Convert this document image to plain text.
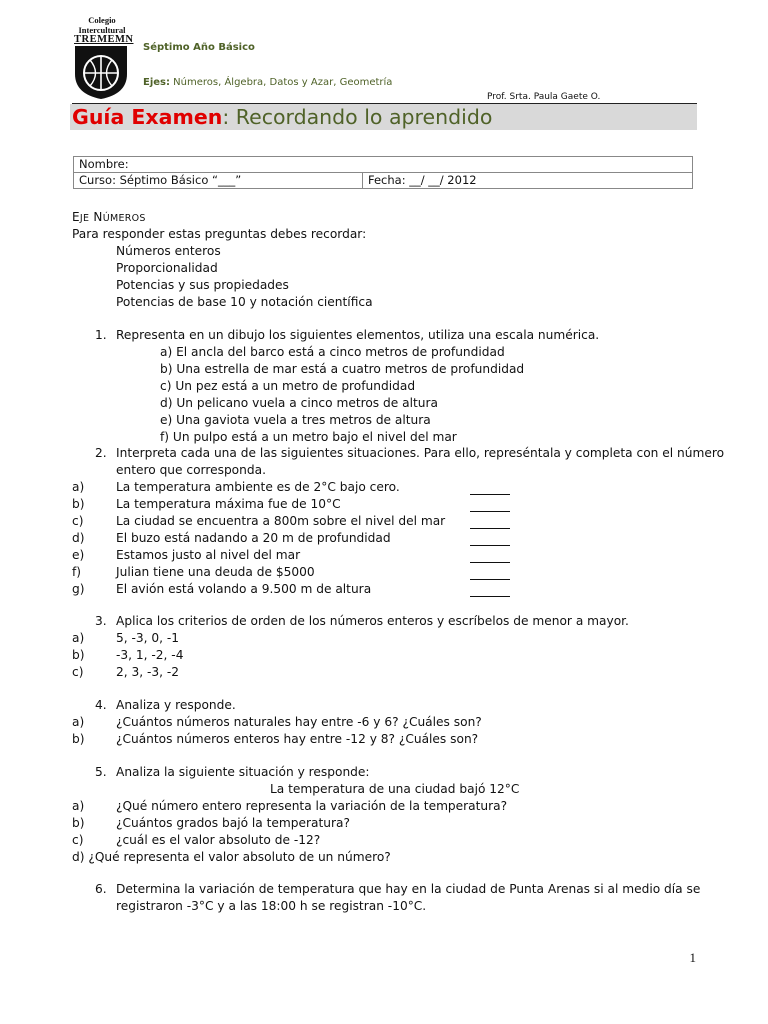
Colegio
Intercultural
TREMEMN
Séptimo Año Básico
Ejes: Números, Álgebra, Datos y Azar, Geometría
Prof. Srta. Paula Gaete O.
Guía Examen: Recordando lo aprendido
Nombre:
Curso: Séptimo Básico “___”	Fecha: __/ __/ 2012
EJE NÚMEROS
Para responder estas preguntas debes recordar:
Números enteros
Proporcionalidad
Potencias y sus propiedades
Potencias de base 10 y notación científica
1. Representa en un dibujo los siguientes elementos, utiliza una escala numérica.
a) El ancla del barco está a cinco metros de profundidad
b) Una estrella de mar está a cuatro metros de profundidad
c) Un pez está a un metro de profundidad
d) Un pelicano vuela a cinco metros de altura
e) Una gaviota vuela a tres metros de altura
f) Un pulpo está a un metro bajo el nivel del mar
2. Interpreta cada una de las siguientes situaciones. Para ello, represéntala y completa con el número
entero que corresponda.
a)	La temperatura ambiente es de 2°C bajo cero.
b)	La temperatura máxima fue de 10°C
c)	La ciudad se encuentra a 800m sobre el nivel del mar
d)	El buzo está nadando a 20 m de profundidad
e)	Estamos justo al nivel del mar
f)	Julian tiene una deuda de $5000
g)	El avión está volando a 9.500 m de altura
3. Aplica los criterios de orden de los números enteros y escríbelos de menor a mayor.
a)	5, -3, 0, -1
b)	-3, 1, -2, -4
c)	2, 3, -3, -2
4. Analiza y responde.
a)	¿Cuántos números naturales hay entre -6 y 6? ¿Cuáles son?
b)	¿Cuántos números enteros hay entre -12 y 8? ¿Cuáles son?
5. Analiza la siguiente situación y responde:
La temperatura de una ciudad bajó 12°C
a)	¿Qué número entero representa la variación de la temperatura?
b)	¿Cuántos grados bajó la temperatura?
c)	¿cuál es el valor absoluto de -12?
d) ¿Qué representa el valor absoluto de un número?
6. Determina la variación de temperatura que hay en la ciudad de Punta Arenas si al medio día se
registraron -3°C y a las 18:00 h se registran -10°C.
1
